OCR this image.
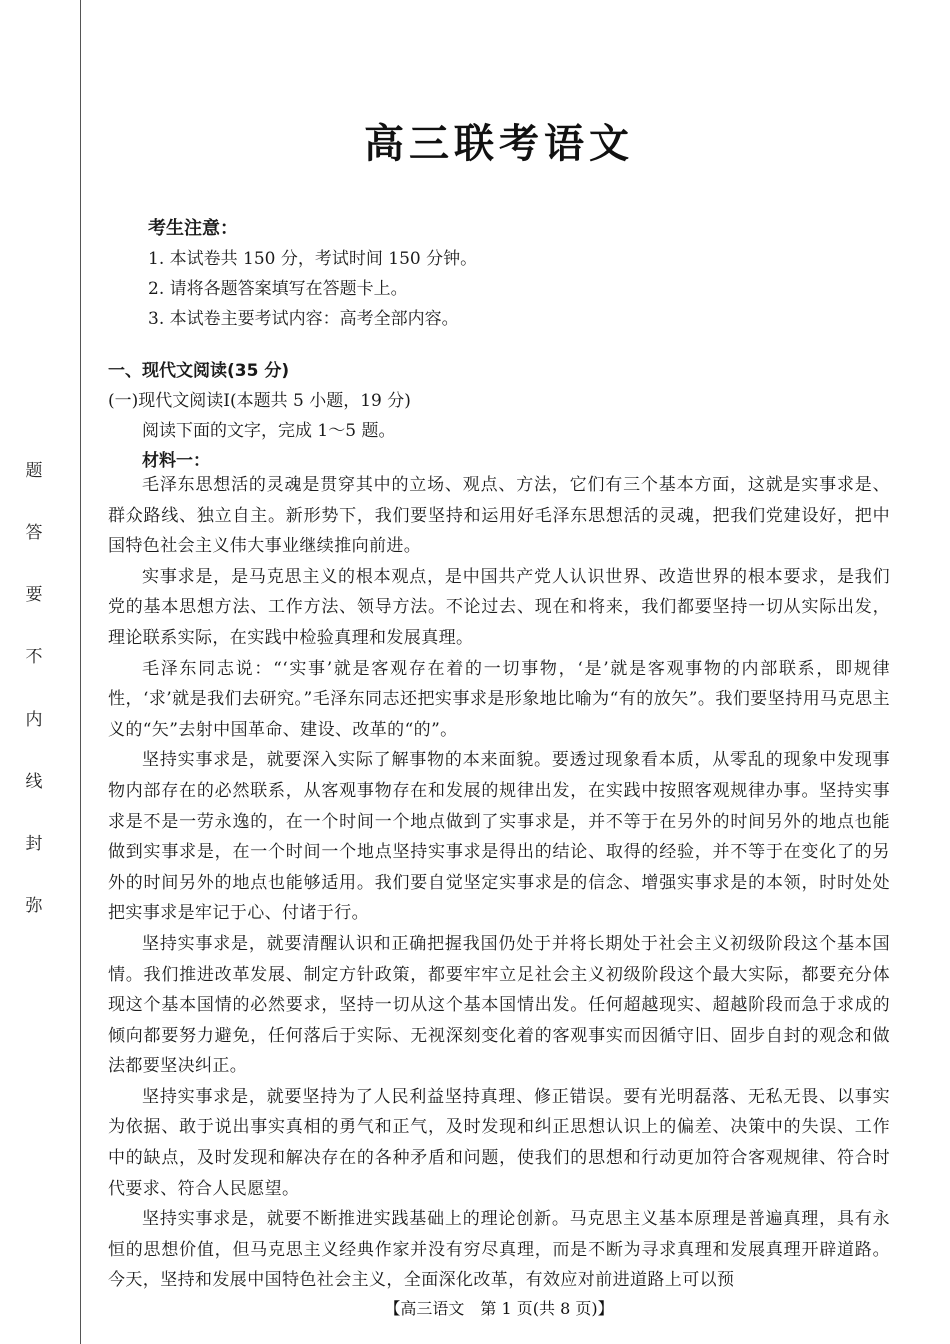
题
答
要
不
内
线
封
弥
高三联考语文
考生注意：
1. 本试卷共 150 分，考试时间 150 分钟。
2. 请将各题答案填写在答题卡上。
3. 本试卷主要考试内容：高考全部内容。
一、现代文阅读(35 分)
(一)现代文阅读Ⅰ(本题共 5 小题，19 分)
阅读下面的文字，完成 1～5 题。
材料一：

毛泽东思想活的灵魂是贯穿其中的立场、观点、方法，它们有三个基本方面，这就是实事求是、群众路线、独立自主。新形势下，我们要坚持和运用好毛泽东思想活的灵魂，把我们党建设好，把中国特色社会主义伟大事业继续推向前进。

实事求是，是马克思主义的根本观点，是中国共产党人认识世界、改造世界的根本要求，是我们党的基本思想方法、工作方法、领导方法。不论过去、现在和将来，我们都要坚持一切从实际出发，理论联系实际，在实践中检验真理和发展真理。

毛泽东同志说：“‘实事’就是客观存在着的一切事物，‘是’就是客观事物的内部联系，即规律性，‘求’就是我们去研究。”毛泽东同志还把实事求是形象地比喻为“有的放矢”。我们要坚持用马克思主义的“矢”去射中国革命、建设、改革的“的”。

坚持实事求是，就要深入实际了解事物的本来面貌。要透过现象看本质，从零乱的现象中发现事物内部存在的必然联系，从客观事物存在和发展的规律出发，在实践中按照客观规律办事。坚持实事求是不是一劳永逸的，在一个时间一个地点做到了实事求是，并不等于在另外的时间另外的地点也能做到实事求是，在一个时间一个地点坚持实事求是得出的结论、取得的经验，并不等于在变化了的另外的时间另外的地点也能够适用。我们要自觉坚定实事求是的信念、增强实事求是的本领，时时处处把实事求是牢记于心、付诸于行。

坚持实事求是，就要清醒认识和正确把握我国仍处于并将长期处于社会主义初级阶段这个基本国情。我们推进改革发展、制定方针政策，都要牢牢立足社会主义初级阶段这个最大实际，都要充分体现这个基本国情的必然要求，坚持一切从这个基本国情出发。任何超越现实、超越阶段而急于求成的倾向都要努力避免，任何落后于实际、无视深刻变化着的客观事实而因循守旧、固步自封的观念和做法都要坚决纠正。

坚持实事求是，就要坚持为了人民利益坚持真理、修正错误。要有光明磊落、无私无畏、以事实为依据、敢于说出事实真相的勇气和正气，及时发现和纠正思想认识上的偏差、决策中的失误、工作中的缺点，及时发现和解决存在的各种矛盾和问题，使我们的思想和行动更加符合客观规律、符合时代要求、符合人民愿望。

坚持实事求是，就要不断推进实践基础上的理论创新。马克思主义基本原理是普遍真理，具有永恒的思想价值，但马克思主义经典作家并没有穷尽真理，而是不断为寻求真理和发展真理开辟道路。今天，坚持和发展中国特色社会主义，全面深化改革，有效应对前进道路上可以预

【高三语文　第 1 页(共 8 页)】
